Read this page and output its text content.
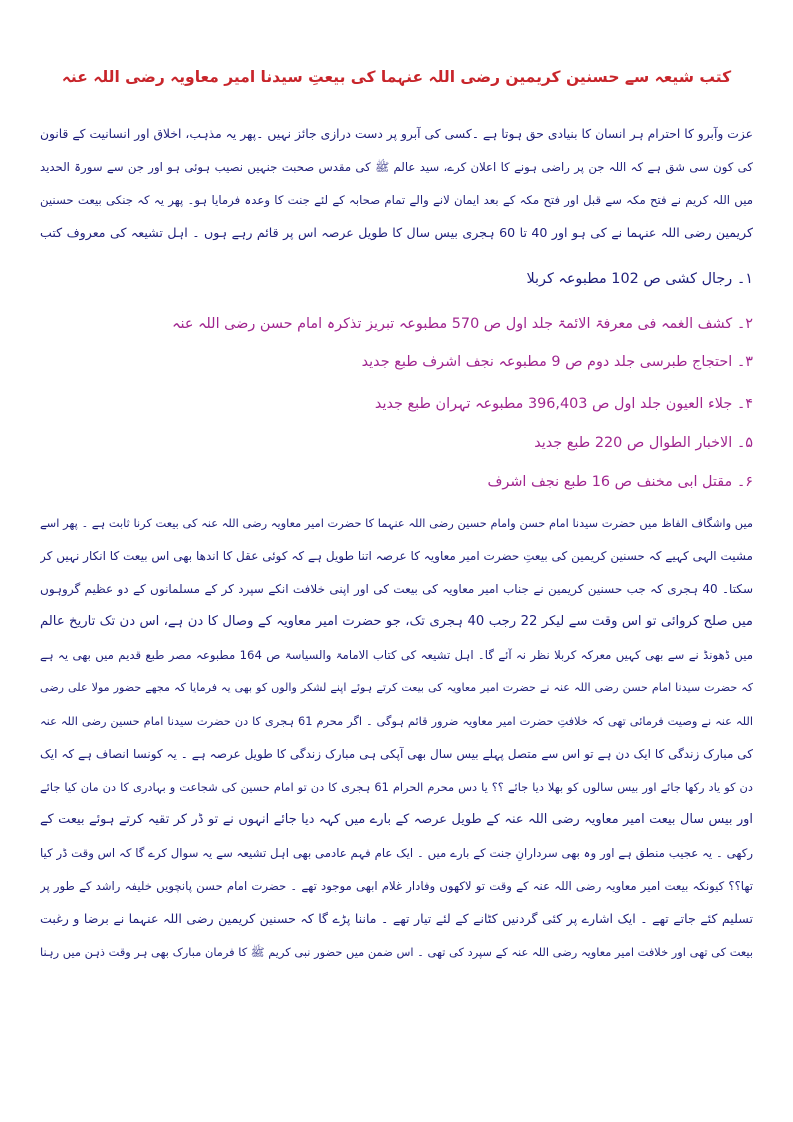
کتب شیعہ سے حسنین کریمین رضی اللہ عنہما کی بیعتِ سیدنا امیر معاویہ رضی اللہ عنہ
عزت وآبرو کا احترام ہر انسان کا بنیادی حق ہوتا ہے ۔کسی کی آبرو پر دست درازی جائز نہیں ۔پھر یہ مذہب، اخلاق اور انسانیت کے قانون
کی کون سی شق ہے کہ اللہ جن پر راضی ہونے کا اعلان کرے، سید عالم ﷺ کی مقدس صحبت جنہیں نصیب ہوئی ہو اور جن سے سورۃ الحدید
میں اللہ کریم نے فتح مکہ سے قبل اور فتح مکہ کے بعد ایمان لانے والے تمام صحابہ کے لئے جنت کا وعدہ فرمایا ہو۔ پھر یہ کہ جنکی بیعت حسنین
کریمین رضی اللہ عنہما نے کی ہو اور 40 تا 60 ہجری بیس سال کا طویل عرصہ اس پر قائم رہے ہوں ۔ اہل تشیعہ کی معروف کتب
۱۔ رجال کشی ص 102 مطبوعہ کربلا
۲۔ کشف الغمہ فی معرفۃ الائمۃ جلد اول ص 570 مطبوعہ تبریز تذکرہ امام حسن رضی اللہ عنہ
۳۔ احتجاج طبرسی جلد دوم ص 9 مطبوعہ نجف اشرف طبع جدید
۴۔ جلاء العیون جلد اول ص 396,403 مطبوعہ تہران طبع جدید
۵۔ الاخبار الطوال ص 220 طبع جدید
۶۔ مقتل ابی مخنف ص 16 طبع نجف اشرف
میں واشگاف الفاظ میں حضرت سیدنا امام حسن وامام حسین رضی اللہ عنہما کا حضرت امیر معاویہ رضی اللہ عنہ کی بیعت کرنا ثابت ہے ۔ پھر اسے
مشیت الہی کہیے کہ حسنین کریمین کی بیعتِ حضرت امیر معاویہ کا عرصہ اتنا طویل ہے کہ کوئی عقل کا اندھا بھی اس بیعت کا انکار نہیں کر
سکتا۔ 40 ہجری کہ جب حسنین کریمین نے جناب امیر معاویہ کی بیعت کی اور اپنی خلافت انکے سپرد کر کے مسلمانوں کے دو عظیم گروہوں
میں صلح کروائی تو اس وقت سے لیکر 22 رجب 40 ہجری تک، جو حضرت امیر معاویہ کے وصال کا دن ہے، اس دن تک تاریخ عالم
میں ڈھونڈ نے سے بھی کہیں معرکہ کربلا نظر نہ آئے گا۔ اہل تشیعہ کی کتاب الامامۃ والسیاسۃ ص 164 مطبوعہ مصر طبع قدیم میں بھی یہ ہے
کہ حضرت سیدنا امام حسن رضی اللہ عنہ نے حضرت امیر معاویہ کی بیعت کرتے ہوئے اپنے لشکر والوں کو بھی یہ فرمایا کہ مجھے حضور مولا علی رضی
اللہ عنہ نے وصیت فرمائی تھی کہ خلافتِ حضرت امیر معاویہ ضرور قائم ہوگی ۔ اگر محرم 61 ہجری کا دن حضرت سیدنا امام حسین رضی اللہ عنہ
کی مبارک زندگی کا ایک دن ہے تو اس سے متصل پہلے بیس سال بھی آپکی ہی مبارک زندگی کا طویل عرصہ ہے ۔ یہ کونسا انصاف ہے کہ ایک
دن کو یاد رکھا جائے اور بیس سالوں کو بھلا دیا جائے ؟؟ یا دس محرم الحرام 61 ہجری کا دن تو امام حسین کی شجاعت و بہادری کا دن مان کیا جائے
اور بیس سال بیعت امیر معاویہ رضی اللہ عنہ کے طویل عرصہ کے بارے میں کہہ دیا جائے انہوں نے تو ڈر کر تقیہ کرتے ہوئے بیعت کے
رکھی ۔ یہ عجیب منطق ہے اور وہ بھی سردارانِ جنت کے بارے میں ۔ ایک عام فہم عادمی بھی اہل تشیعہ سے یہ سوال کرے گا کہ اس وقت ڈر کیا
تھا؟؟ کیونکہ بیعت امیر معاویہ رضی اللہ عنہ کے وقت تو لاکھوں وفادار غلام ابھی موجود تھے ۔ حضرت امام حسن پانچویں خلیفہ راشد کے طور پر
تسلیم کئے جاتے تھے ۔ ایک اشارے پر کئی گردنیں کٹانے کے لئے تیار تھے ۔ ماننا پڑے گا کہ حسنین کریمین رضی اللہ عنہما نے برضا و رغبت
بیعت کی تھی اور خلافت امیر معاویہ رضی اللہ عنہ کے سپرد کی تھی ۔ اس ضمن میں حضور نبی کریم ﷺ کا فرمان مبارک بھی ہر وقت ذہن میں رہنا
